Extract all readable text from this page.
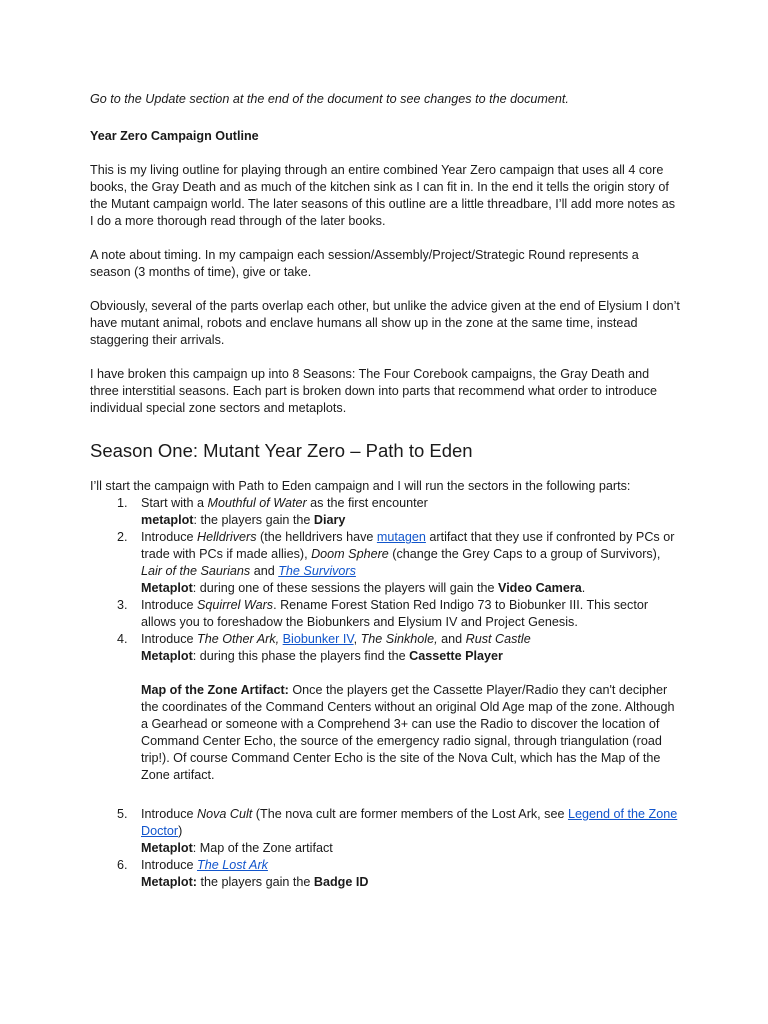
Go to the Update section at the end of the document to see changes to the document.

Year Zero Campaign Outline

This is my living outline for playing through an entire combined Year Zero campaign that uses all 4 core books, the Gray Death and as much of the kitchen sink as I can fit in. In the end it tells the origin story of the Mutant campaign world. The later seasons of this outline are a little threadbare, I’ll add more notes as I do a more thorough read through of the later books.

A note about timing. In my campaign each session/Assembly/Project/Strategic Round represents a season (3 months of time), give or take.

Obviously, several of the parts overlap each other, but unlike the advice given at the end of Elysium I don’t have mutant animal, robots and enclave humans all show up in the zone at the same time, instead staggering their arrivals.

I have broken this campaign up into 8 Seasons: The Four Corebook campaigns, the Gray Death and three interstitial seasons. Each part is broken down into parts that recommend what order to introduce individual special zone sectors and metaplots.

Season One: Mutant Year Zero – Path to Eden

I’ll start the campaign with Path to Eden campaign and I will run the sectors in the following parts:

1. Start with a Mouthful of Water as the first encounter
metaplot: the players gain the Diary
2. Introduce Helldrivers (the helldrivers have mutagen artifact that they use if confronted by PCs or trade with PCs if made allies), Doom Sphere (change the Grey Caps to a group of Survivors), Lair of the Saurians and The Survivors
Metaplot: during one of these sessions the players will gain the Video Camera.
3. Introduce Squirrel Wars. Rename Forest Station Red Indigo 73 to Biobunker III. This sector allows you to foreshadow the Biobunkers and Elysium IV and Project Genesis.
4. Introduce The Other Ark, Biobunker IV, The Sinkhole, and Rust Castle
Metaplot: during this phase the players find the Cassette Player
Map of the Zone Artifact: Once the players get the Cassette Player/Radio they can't decipher the coordinates of the Command Centers without an original Old Age map of the zone. Although a Gearhead or someone with a Comprehend 3+ can use the Radio to discover the location of Command Center Echo, the source of the emergency radio signal, through triangulation (road trip!). Of course Command Center Echo is the site of the Nova Cult, which has the Map of the Zone artifact.
5. Introduce Nova Cult (The nova cult are former members of the Lost Ark, see Legend of the Zone Doctor)
Metaplot: Map of the Zone artifact
6. Introduce The Lost Ark
Metaplot: the players gain the Badge ID
